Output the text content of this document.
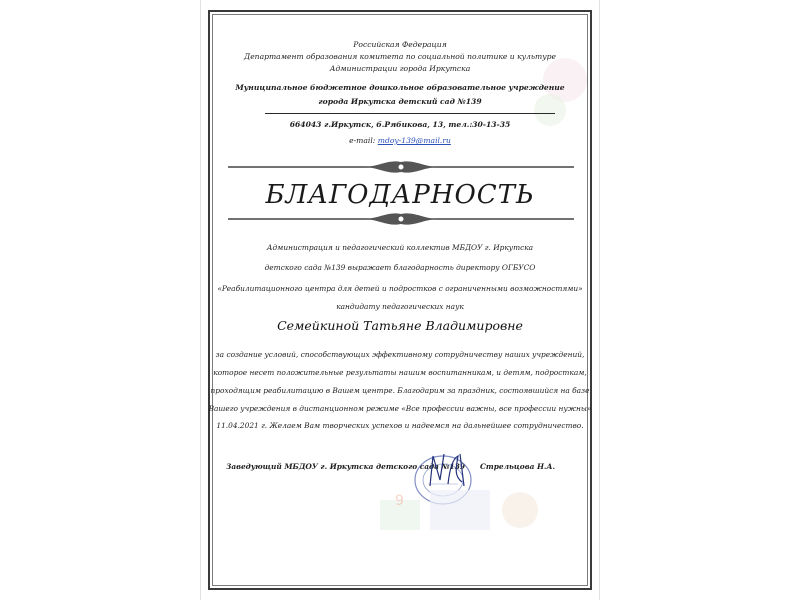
Российская Федерация
Департамент образования комитета по социальной политике и культуре
Администрации города Иркутска
Муниципальное бюджетное дошкольное образовательное учреждение
города Иркутска детский сад №139
664043 г.Иркутск, б.Рябикова, 13, тел.:30-13-35
e-mail: mdoy-139@mail.ru
БЛАГОДАРНОСТЬ
Администрация и педагогический коллектив МБДОУ г. Иркутска
детского сада №139 выражает благодарность директору ОГБУСО
«Реабилитационного центра для детей и подростков с ограниченными возможностями»
кандидату педагогических наук
Семейкиной Татьяне Владимировне
за создание условий, способствующих эффективному сотрудничеству наших учреждений,
которое несет положительные результаты нашим воспитанникам, и детям, подросткам,
проходящим реабилитацию в Вашем центре. Благодарим за праздник, состоявшийся на базе
Вашего учреждения в дистанционном режиме «Все профессии важны, все профессии нужны»
11.04.2021 г. Желаем Вам творческих успехов и надеемся на дальнейшее сотрудничество.
Заведующий МБДОУ г. Иркутска детского сада №139 Стрельцова Н.А.
9
